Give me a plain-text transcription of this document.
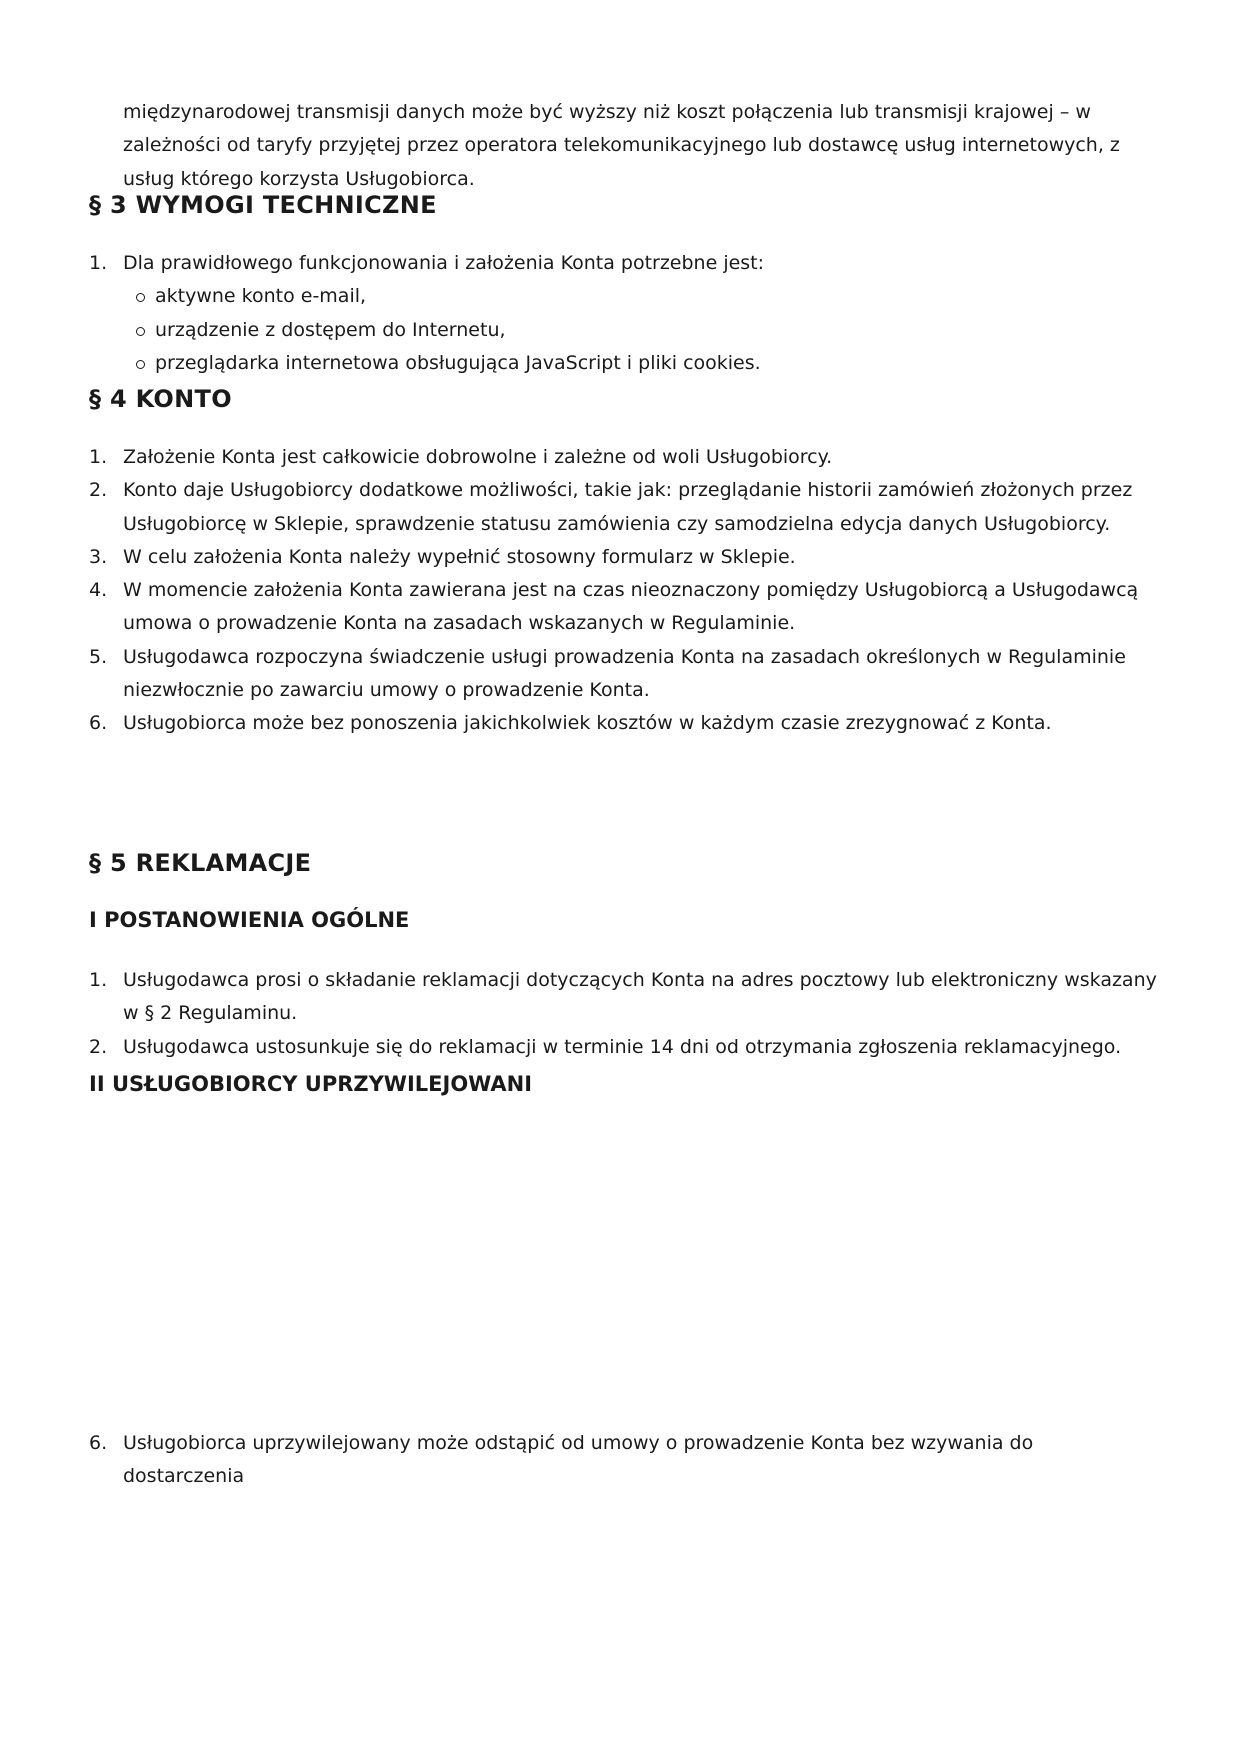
międzynarodowej transmisji danych może być wyższy niż koszt połączenia lub transmisji krajowej – w zależności od taryfy przyjętej przez operatora telekomunikacyjnego lub dostawcę usług internetowych, z usług którego korzysta Usługobiorca.

§ 3 WYMOGI TECHNICZNE
1. Dla prawidłowego funkcjonowania i założenia Konta potrzebne jest:
aktywne konto e-mail,
urządzenie z dostępem do Internetu,
przeglądarka internetowa obsługująca JavaScript i pliki cookies.
§ 4 KONTO
1. Założenie Konta jest całkowicie dobrowolne i zależne od woli Usługobiorcy.
2. Konto daje Usługobiorcy dodatkowe możliwości, takie jak: przeglądanie historii zamówień złożonych przez Usługobiorcę w Sklepie, sprawdzenie statusu zamówienia czy samodzielna edycja danych Usługobiorcy.
3. W celu założenia Konta należy wypełnić stosowny formularz w Sklepie.
4. W momencie założenia Konta zawierana jest na czas nieoznaczony pomiędzy Usługobiorcą a Usługodawcą umowa o prowadzenie Konta na zasadach wskazanych w Regulaminie.
5. Usługodawca rozpoczyna świadczenie usługi prowadzenia Konta na zasadach określonych w Regulaminie niezwłocznie po zawarciu umowy o prowadzenie Konta.
6. Usługobiorca może bez ponoszenia jakichkolwiek kosztów w każdym czasie zrezygnować z Konta.
§ 5 REKLAMACJE
I POSTANOWIENIA OGÓLNE
1. Usługodawca prosi o składanie reklamacji dotyczących Konta na adres pocztowy lub elektroniczny wskazany w § 2 Regulaminu.
2. Usługodawca ustosunkuje się do reklamacji w terminie 14 dni od otrzymania zgłoszenia reklamacyjnego.
II USŁUGOBIORCY UPRZYWILEJOWANI
6. Usługobiorca uprzywilejowany może odstąpić od umowy o prowadzenie Konta bez wzywania do dostarczenia
